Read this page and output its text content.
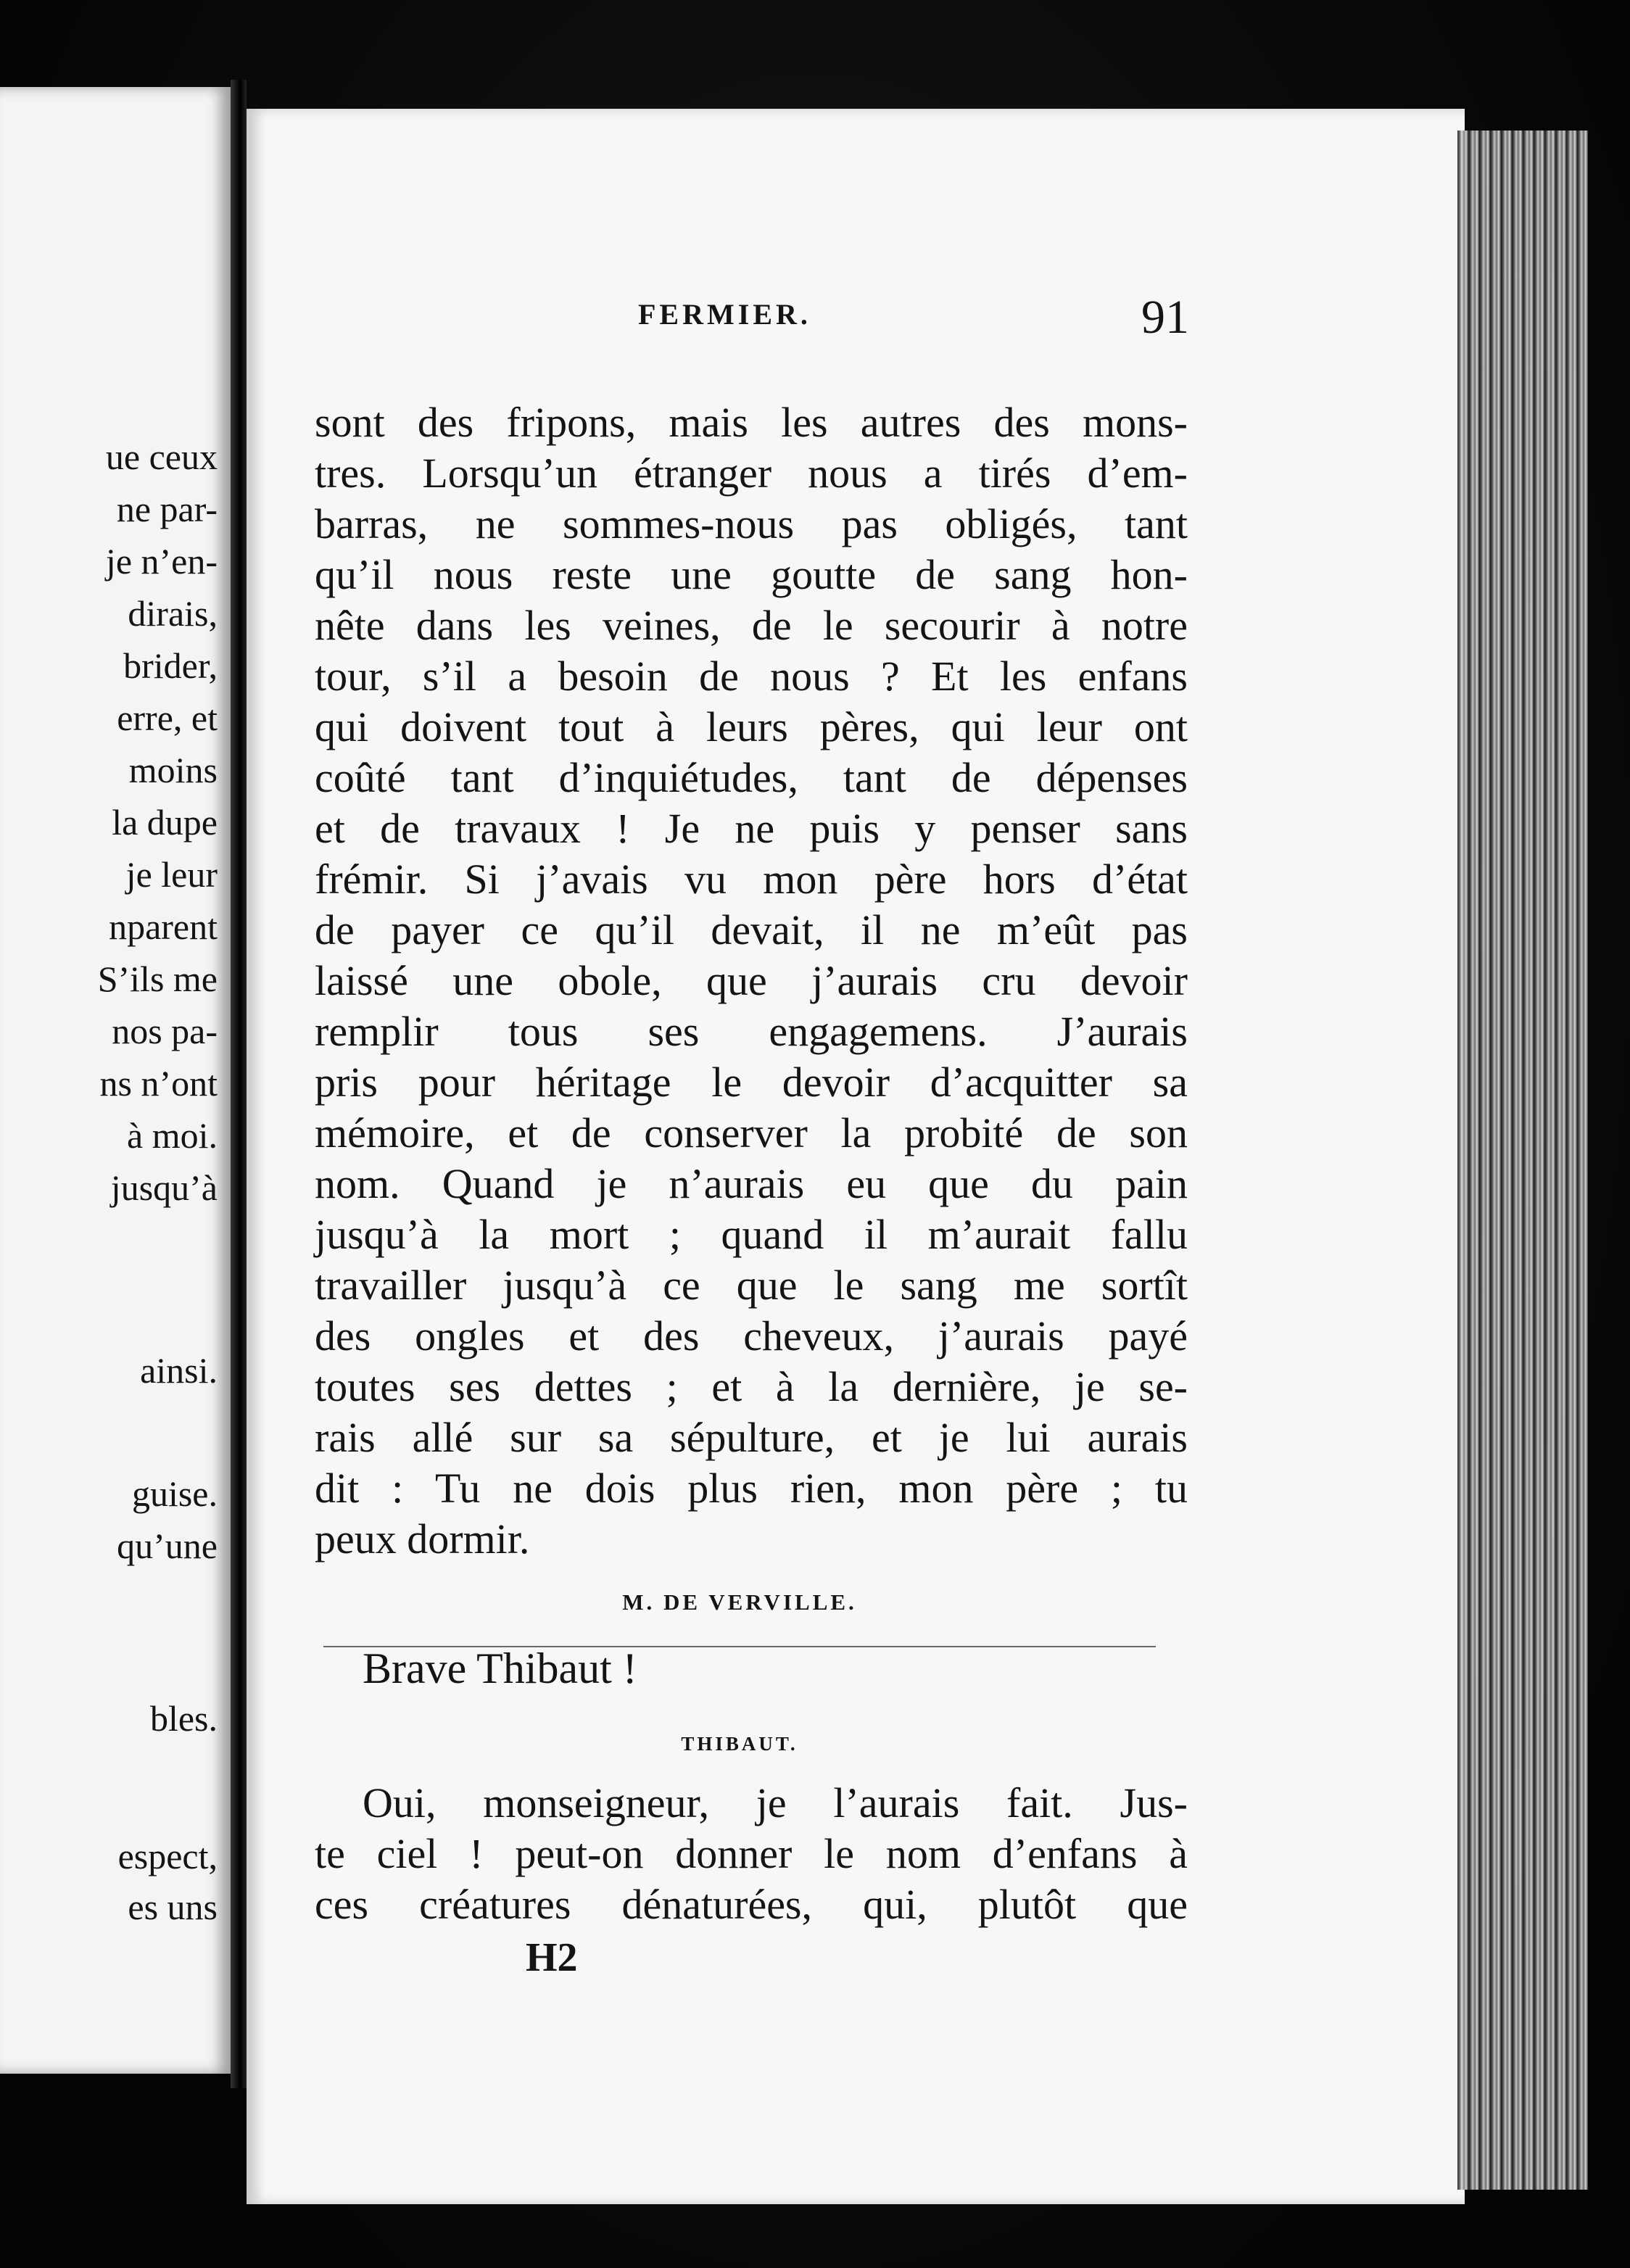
ue ceux
ne par-
je n’en-
dirais,
brider,
erre, et
moins
la dupe
je leur
nparent
S’ils me
nos pa-
ns n’ont
à moi.
jusqu’à
ainsi.
guise.
qu’une
bles.
espect,
es uns
FERMIER.	91
sont des fripons, mais les autres des mons-
tres. Lorsqu’un étranger nous a tirés d’em-
barras, ne sommes-nous pas obligés, tant
qu’il nous reste une goutte de sang hon-
nête dans les veines, de le secourir à notre
tour, s’il a besoin de nous ? Et les enfans
qui doivent tout à leurs pères, qui leur ont
coûté tant d’inquiétudes, tant de dépenses
et de travaux ! Je ne puis y penser sans
frémir. Si j’avais vu mon père hors d’état
de payer ce qu’il devait, il ne m’eût pas
laissé une obole, que j’aurais cru devoir
remplir tous ses engagemens. J’aurais
pris pour héritage le devoir d’acquitter sa
mémoire, et de conserver la probité de son
nom. Quand je n’aurais eu que du pain
jusqu’à la mort ; quand il m’aurait fallu
travailler jusqu’à ce que le sang me sortît
des ongles et des cheveux, j’aurais payé
toutes ses dettes ; et à la dernière, je se-
rais allé sur sa sépulture, et je lui aurais
dit : Tu ne dois plus rien, mon père ; tu
peux dormir.
M. DE VERVILLE.
Brave Thibaut !
THIBAUT.
Oui, monseigneur, je l’aurais fait. Jus-
te ciel ! peut-on donner le nom d’enfans à
ces créatures dénaturées, qui, plutôt que
H2
